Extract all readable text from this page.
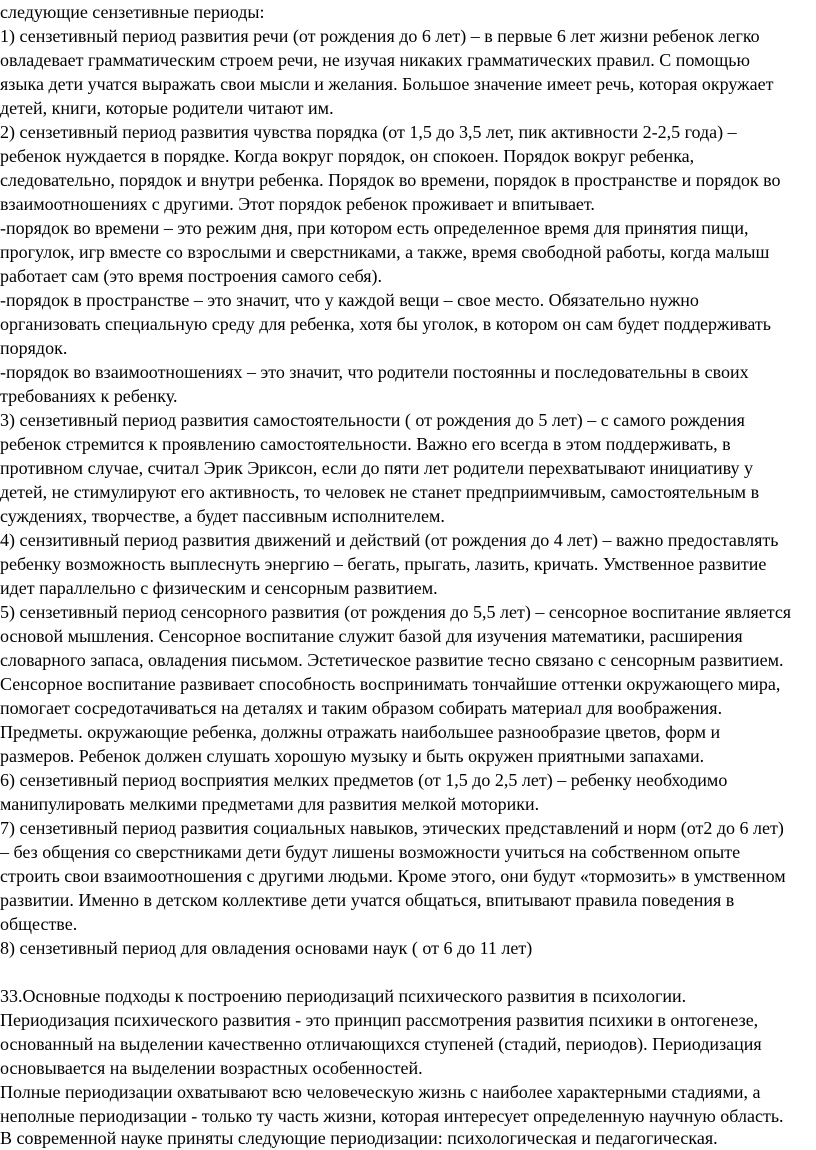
следующие сензетивные периоды:
1) сензетивный период развития речи (от рождения до 6 лет) – в первые 6 лет жизни ребенок легко
овладевает грамматическим строем речи, не изучая никаких грамматических правил. С помощью
языка дети учатся выражать свои мысли и желания. Большое значение имеет речь, которая окружает
детей, книги, которые родители читают им.
2) сензетивный период развития чувства порядка (от 1,5 до 3,5 лет, пик активности 2-2,5 года) –
ребенок нуждается в порядке. Когда вокруг порядок, он спокоен. Порядок вокруг ребенка,
следовательно, порядок и внутри ребенка. Порядок во времени, порядок в пространстве и порядок во
взаимоотношениях с другими. Этот порядок ребенок проживает и впитывает.
-порядок во времени – это режим дня, при котором есть определенное время для принятия пищи,
прогулок, игр вместе со взрослыми и сверстниками, а также, время свободной работы, когда малыш
работает сам (это время построения самого себя).
-порядок в пространстве – это значит, что у каждой вещи – свое место. Обязательно нужно
организовать специальную среду для ребенка, хотя бы уголок, в котором он сам будет поддерживать
порядок.
-порядок во взаимоотношениях – это значит, что родители постоянны и последовательны в своих
требованиях к ребенку.
3) сензетивный период развития самостоятельности ( от рождения до 5 лет) – с самого рождения
ребенок стремится к проявлению самостоятельности. Важно его всегда в этом поддерживать, в
противном случае, считал Эрик Эриксон, если до пяти лет родители перехватывают инициативу у
детей, не стимулируют его активность, то человек не станет предприимчивым, самостоятельным в
суждениях, творчестве, а будет пассивным исполнителем.
4) сензитивный период развития движений и действий (от рождения до 4 лет) – важно предоставлять
ребенку возможность выплеснуть энергию – бегать, прыгать, лазить, кричать. Умственное развитие
идет параллельно с физическим и сенсорным развитием.
5) сензетивный период сенсорного развития (от рождения до 5,5 лет) – сенсорное воспитание является
основой мышления. Сенсорное воспитание служит базой для изучения математики, расширения
словарного запаса, овладения письмом. Эстетическое развитие тесно связано с сенсорным развитием.
Сенсорное воспитание развивает способность воспринимать тончайшие оттенки окружающего мира,
помогает сосредотачиваться на деталях и таким образом собирать материал для воображения.
Предметы. окружающие ребенка, должны отражать наибольшее разнообразие цветов, форм и
размеров. Ребенок должен слушать хорошую музыку и быть окружен приятными запахами.
6) сензетивный период восприятия мелких предметов (от 1,5 до 2,5 лет) – ребенку необходимо
манипулировать мелкими предметами для развития мелкой моторики.
7) сензетивный период развития социальных навыков, этических представлений и норм (от2 до 6 лет)
– без общения со сверстниками дети будут лишены возможности учиться на собственном опыте
строить свои взаимоотношения с другими людьми. Кроме этого, они будут «тормозить» в умственном
развитии. Именно в детском коллективе дети учатся общаться, впитывают правила поведения в
обществе.
8) сензетивный период для овладения основами наук ( от 6 до 11 лет)
33.Основные подходы к построению периодизаций психического развития в психологии.
Периодизация психического развития - это принцип рассмотрения развития психики в онтогенезе,
основанный на выделении качественно отличающихся ступеней (стадий, периодов). Периодизация
основывается на выделении возрастных особенностей.
Полные периодизации охватывают всю человеческую жизнь с наиболее характерными стадиями, а
неполные периодизации - только ту часть жизни, которая интересует определенную научную область.
В современной науке приняты следующие периодизации: психологическая и педагогическая.
